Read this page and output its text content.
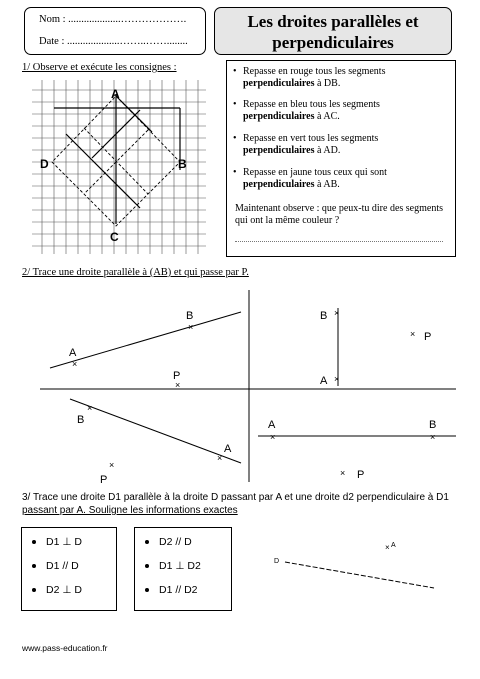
Nom : ....................……………….
Date : ....................……..……........
Les droites parallèles et
perpendiculaires
1/ Observe et exécute les consignes :
A
B
C
D
• Repasse en rouge tous les segments perpendiculaires à DB.
• Repasse en bleu tous les segments perpendiculaires à AC.
• Repasse en vert tous les segments perpendiculaires à AD.
• Repasse en jaune tous ceux qui sont perpendiculaires à AB.
Maintenant observe : que peux-tu dire des segments qui ont la même couleur ?
2/ Trace une droite parallèle à (AB) et qui passe par P.
×
×
×
A
B
P
×
×
×
B
A
P
×
×
×
B
A
P
×	×
×
A	B
P
3/ Trace une droite D1 parallèle à la droite D passant par A et une droite d2 perpendiculaire à D1
passant par A. Souligne les informations exactes
D1 ⊥ D
D1 // D
D2 ⊥ D
D2 // D
D1 ⊥ D2
D1 // D2
D
× A
www.pass-education.fr
